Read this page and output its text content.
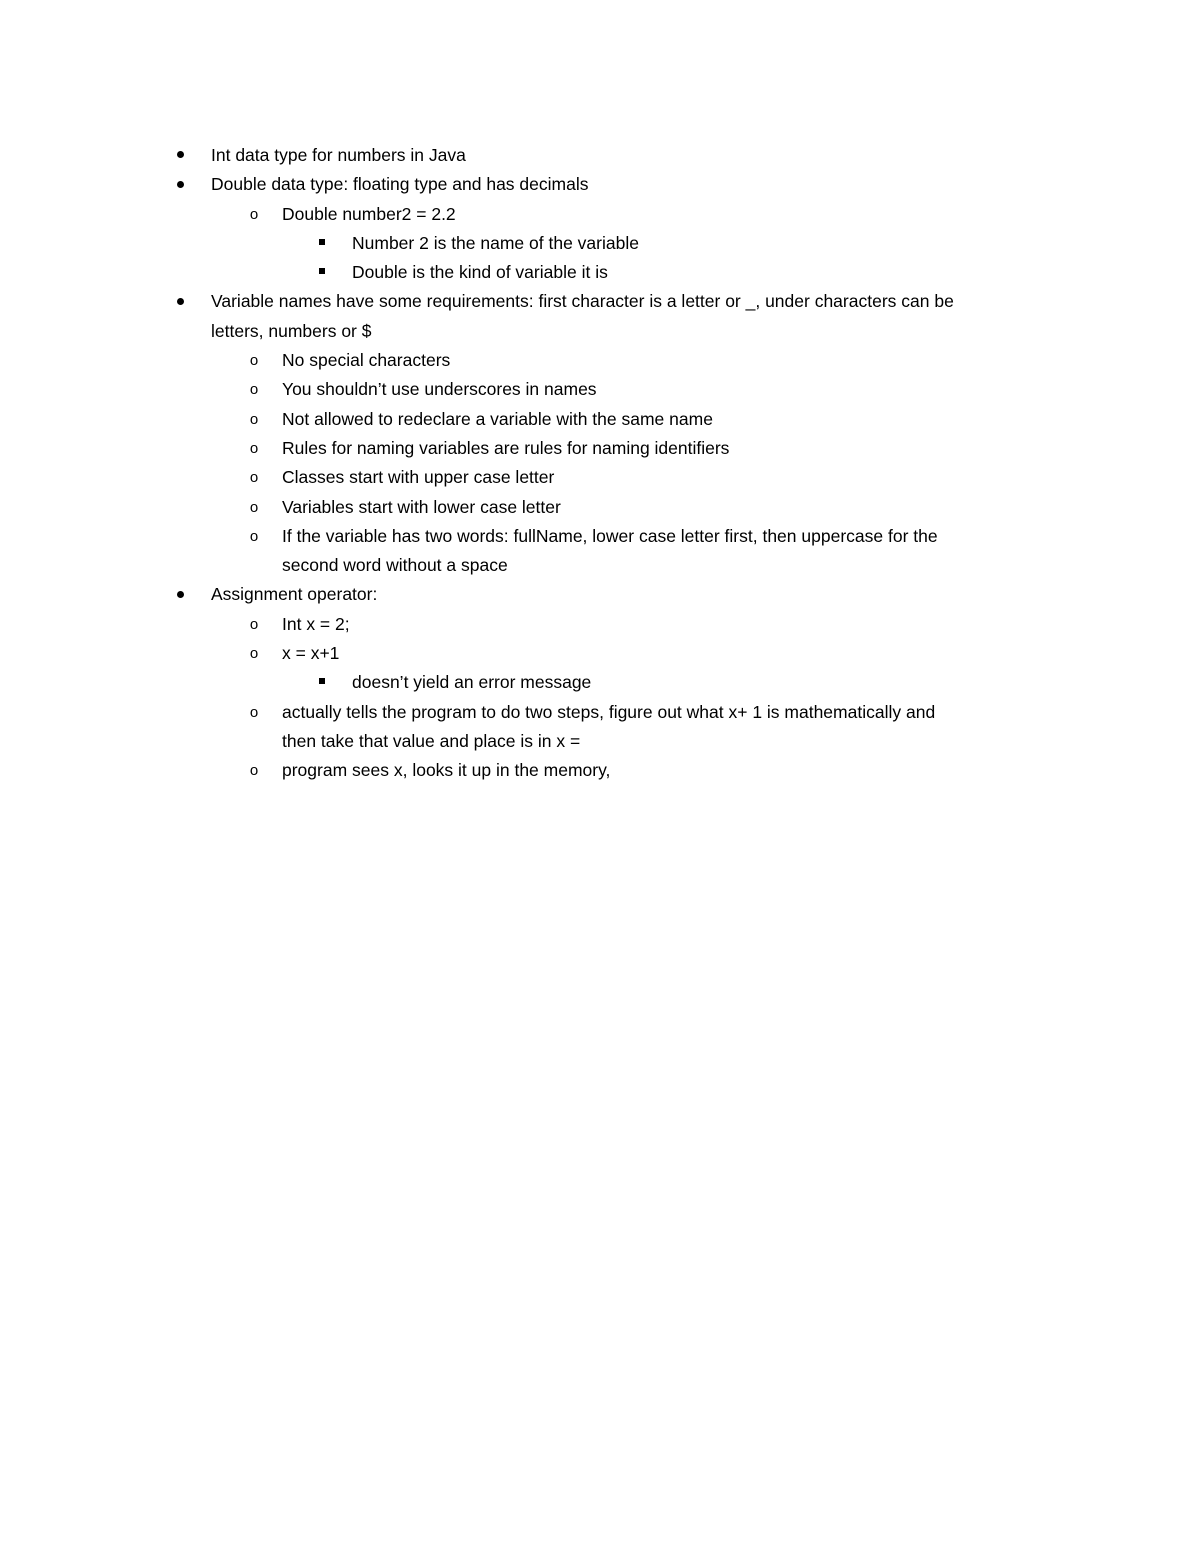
Int data type for numbers in Java
Double data type: floating type and has decimals
o Double number2 = 2.2
Number 2 is the name of the variable
Double is the kind of variable it is
Variable names have some requirements: first character is a letter or _, under characters can be
letters, numbers or $
o No special characters
o You shouldn’t use underscores in names
o Not allowed to redeclare a variable with the same name
o Rules for naming variables are rules for naming identifiers
o Classes start with upper case letter
o Variables start with lower case letter
o If the variable has two words: fullName, lower case letter first, then uppercase for the
second word without a space
Assignment operator:
o Int x = 2;
o x = x+1
doesn’t yield an error message
o actually tells the program to do two steps, figure out what x+ 1 is mathematically and
then take that value and place is in x =
o program sees x, looks it up in the memory,
